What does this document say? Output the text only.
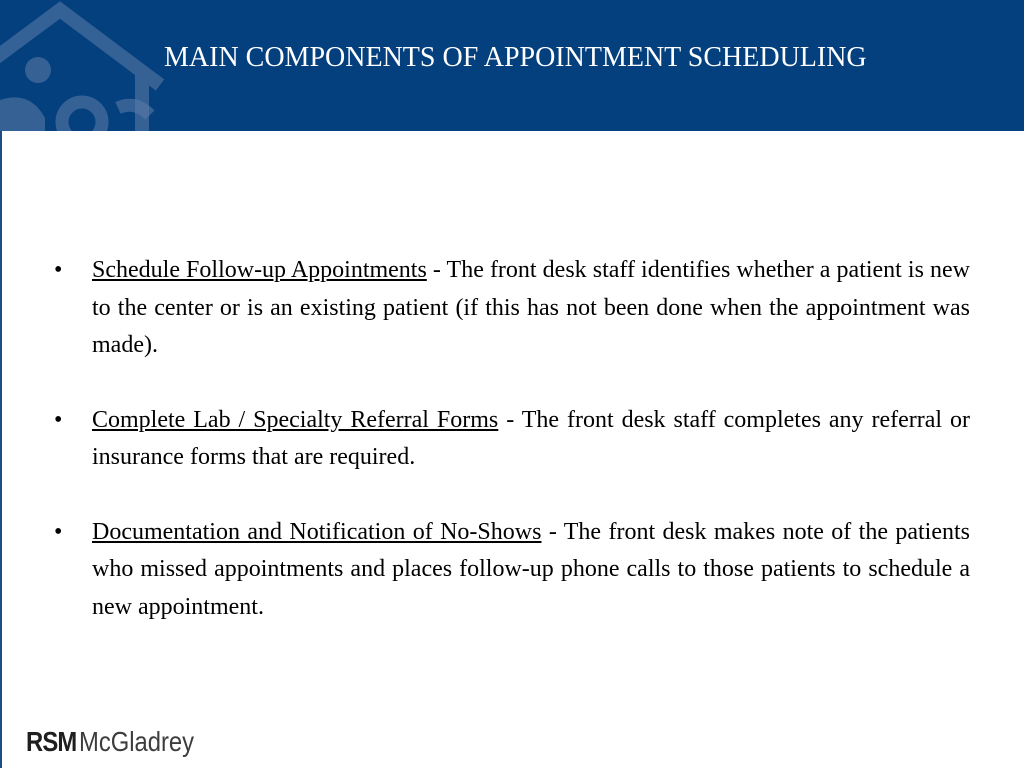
MAIN COMPONENTS OF APPOINTMENT SCHEDULING
• Schedule Follow-up Appointments - The front desk staff identifies whether a patient is new to the center or is an existing patient (if this has not been done when the appointment was made).
• Complete Lab / Specialty Referral Forms - The front desk staff completes any referral or insurance forms that are required.
• Documentation and Notification of No-Shows - The front desk makes note of the patients who missed appointments and places follow-up phone calls to those patients to schedule a new appointment.
RSM McGladrey
